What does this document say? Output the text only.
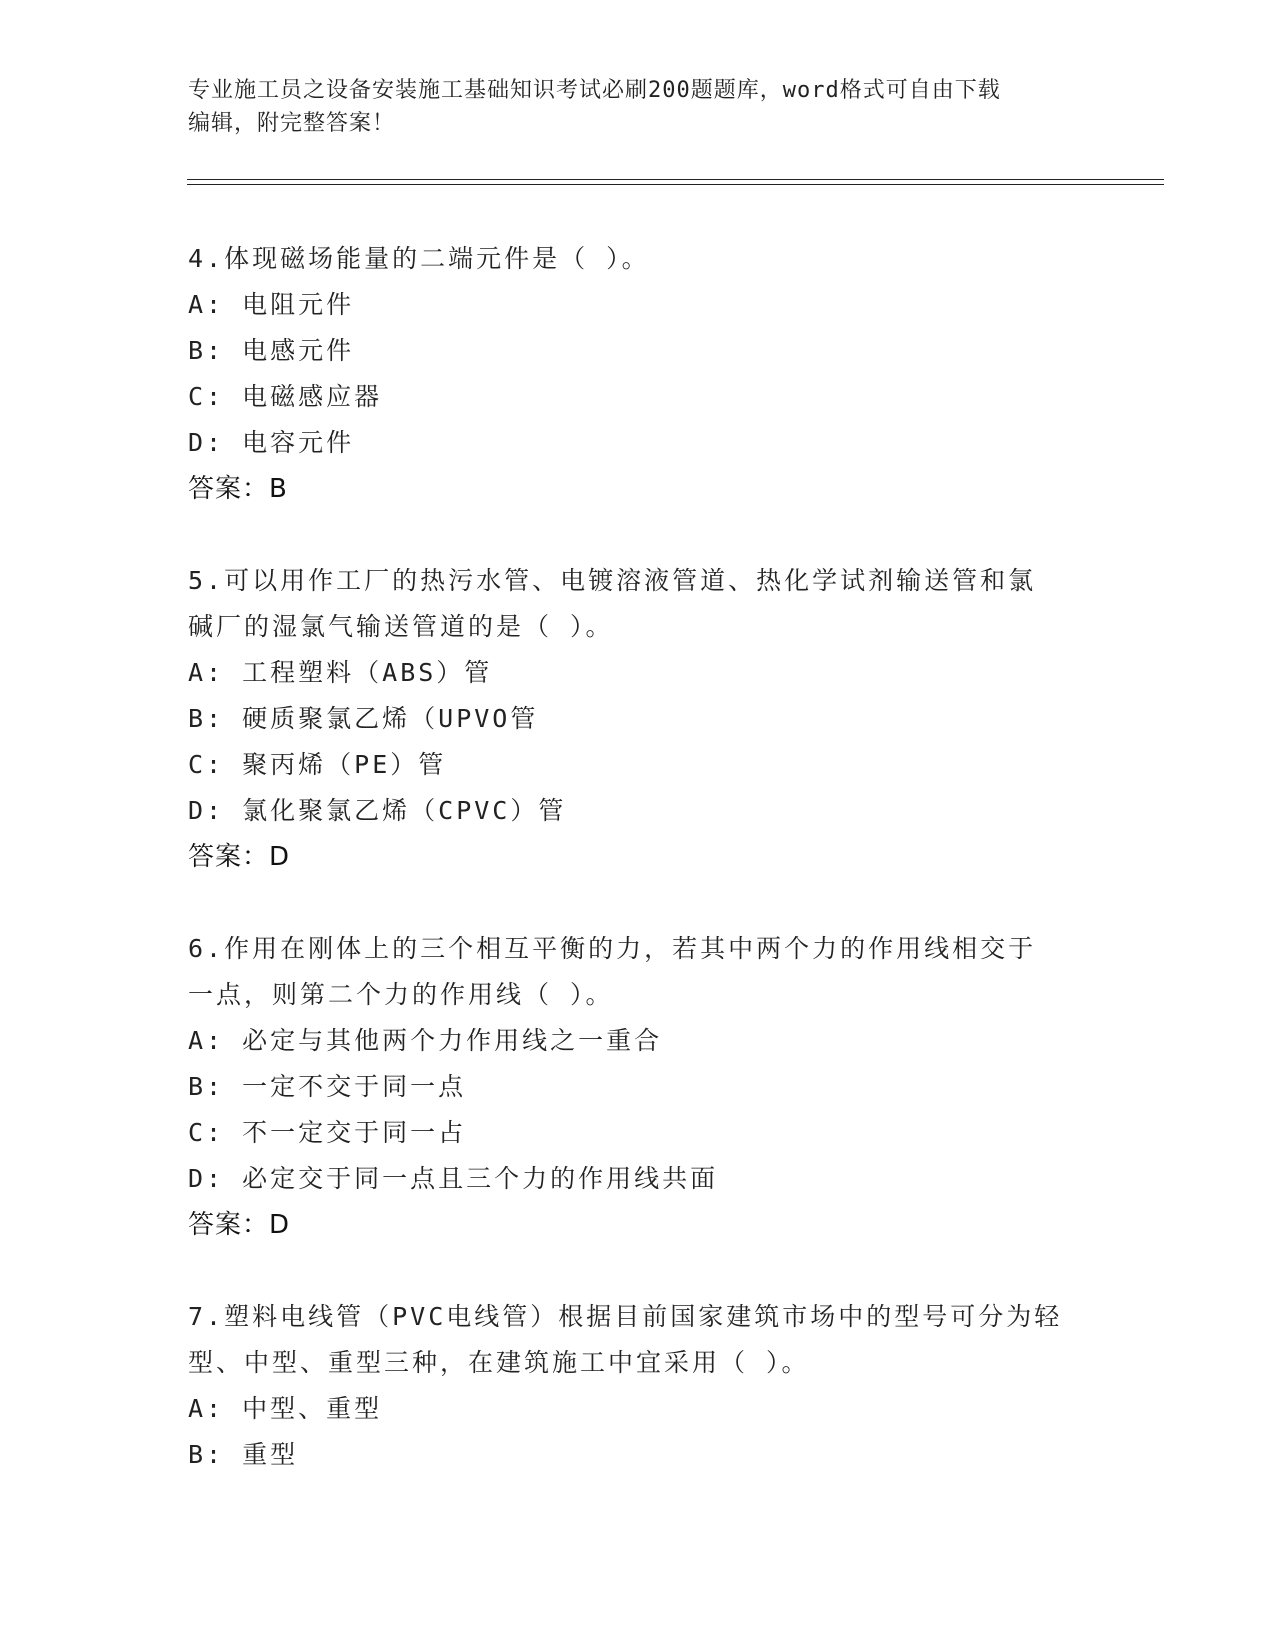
专业施工员之设备安装施工基础知识考试必刷200题题库，word格式可自由下载
编辑，附完整答案！
4.体现磁场能量的二端元件是（ ）。
A: 电阻元件
B: 电感元件
C: 电磁感应器
D: 电容元件
答案：B
5.可以用作工厂的热污水管、电镀溶液管道、热化学试剂输送管和氯
碱厂的湿氯气输送管道的是（ ）。
A: 工程塑料（ABS）管
B: 硬质聚氯乙烯（UPVO管
C: 聚丙烯（PE）管
D: 氯化聚氯乙烯（CPVC）管
答案：D
6.作用在刚体上的三个相互平衡的力，若其中两个力的作用线相交于
一点，则第二个力的作用线（ ）。
A: 必定与其他两个力作用线之一重合
B: 一定不交于同一点
C: 不一定交于同一占
D: 必定交于同一点且三个力的作用线共面
答案：D
7.塑料电线管（PVC电线管）根据目前国家建筑市场中的型号可分为轻
型、中型、重型三种，在建筑施工中宜采用（ ）。
A: 中型、重型
B: 重型
